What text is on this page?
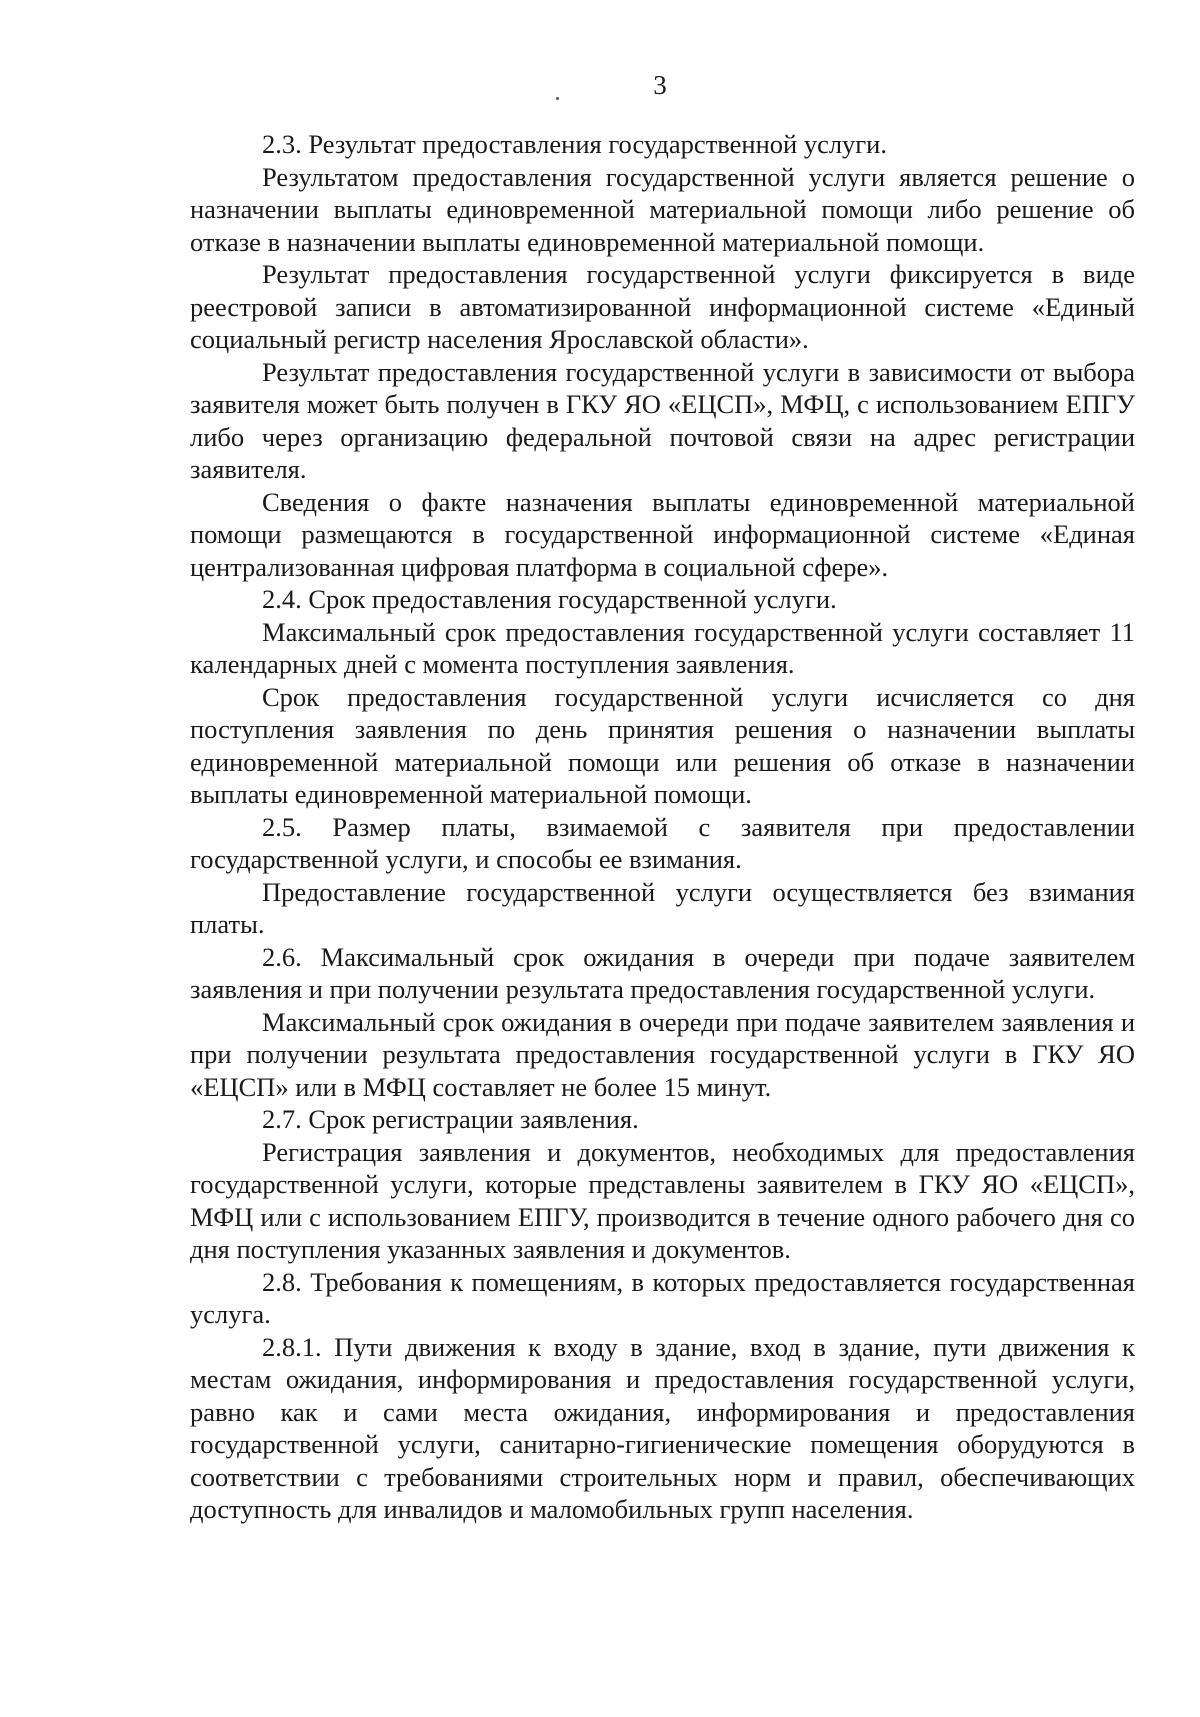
3

2.3. Результат предоставления государственной услуги.

Результатом предоставления государственной услуги является решение о назначении выплаты единовременной материальной помощи либо решение об отказе в назначении выплаты единовременной материальной помощи.

Результат предоставления государственной услуги фиксируется в виде реестровой записи в автоматизированной информационной системе «Единый социальный регистр населения Ярославской области».

Результат предоставления государственной услуги в зависимости от выбора заявителя может быть получен в ГКУ ЯО «ЕЦСП», МФЦ, с использованием ЕПГУ либо через организацию федеральной почтовой связи на адрес регистрации заявителя.

Сведения о факте назначения выплаты единовременной материальной помощи размещаются в государственной информационной системе «Единая централизованная цифровая платформа в социальной сфере».

2.4. Срок предоставления государственной услуги.

Максимальный срок предоставления государственной услуги составляет 11 календарных дней с момента поступления заявления.

Срок предоставления государственной услуги исчисляется со дня поступления заявления по день принятия решения о назначении выплаты единовременной материальной помощи или решения об отказе в назначении выплаты единовременной материальной помощи.

2.5. Размер платы, взимаемой с заявителя при предоставлении государственной услуги, и способы ее взимания.

Предоставление государственной услуги осуществляется без взимания платы.

2.6. Максимальный срок ожидания в очереди при подаче заявителем заявления и при получении результата предоставления государственной услуги.

Максимальный срок ожидания в очереди при подаче заявителем заявления и при получении результата предоставления государственной услуги в ГКУ ЯО «ЕЦСП» или в МФЦ составляет не более 15 минут.

2.7. Срок регистрации заявления.

Регистрация заявления и документов, необходимых для предоставления государственной услуги, которые представлены заявителем в ГКУ ЯО «ЕЦСП», МФЦ или с использованием ЕПГУ, производится в течение одного рабочего дня со дня поступления указанных заявления и документов.

2.8. Требования к помещениям, в которых предоставляется государственная услуга.

2.8.1. Пути движения к входу в здание, вход в здание, пути движения к местам ожидания, информирования и предоставления государственной услуги, равно как и сами места ожидания, информирования и предоставления государственной услуги, санитарно-гигиенические помещения оборудуются в соответствии с требованиями строительных норм и правил, обеспечивающих доступность для инвалидов и маломобильных групп населения.
